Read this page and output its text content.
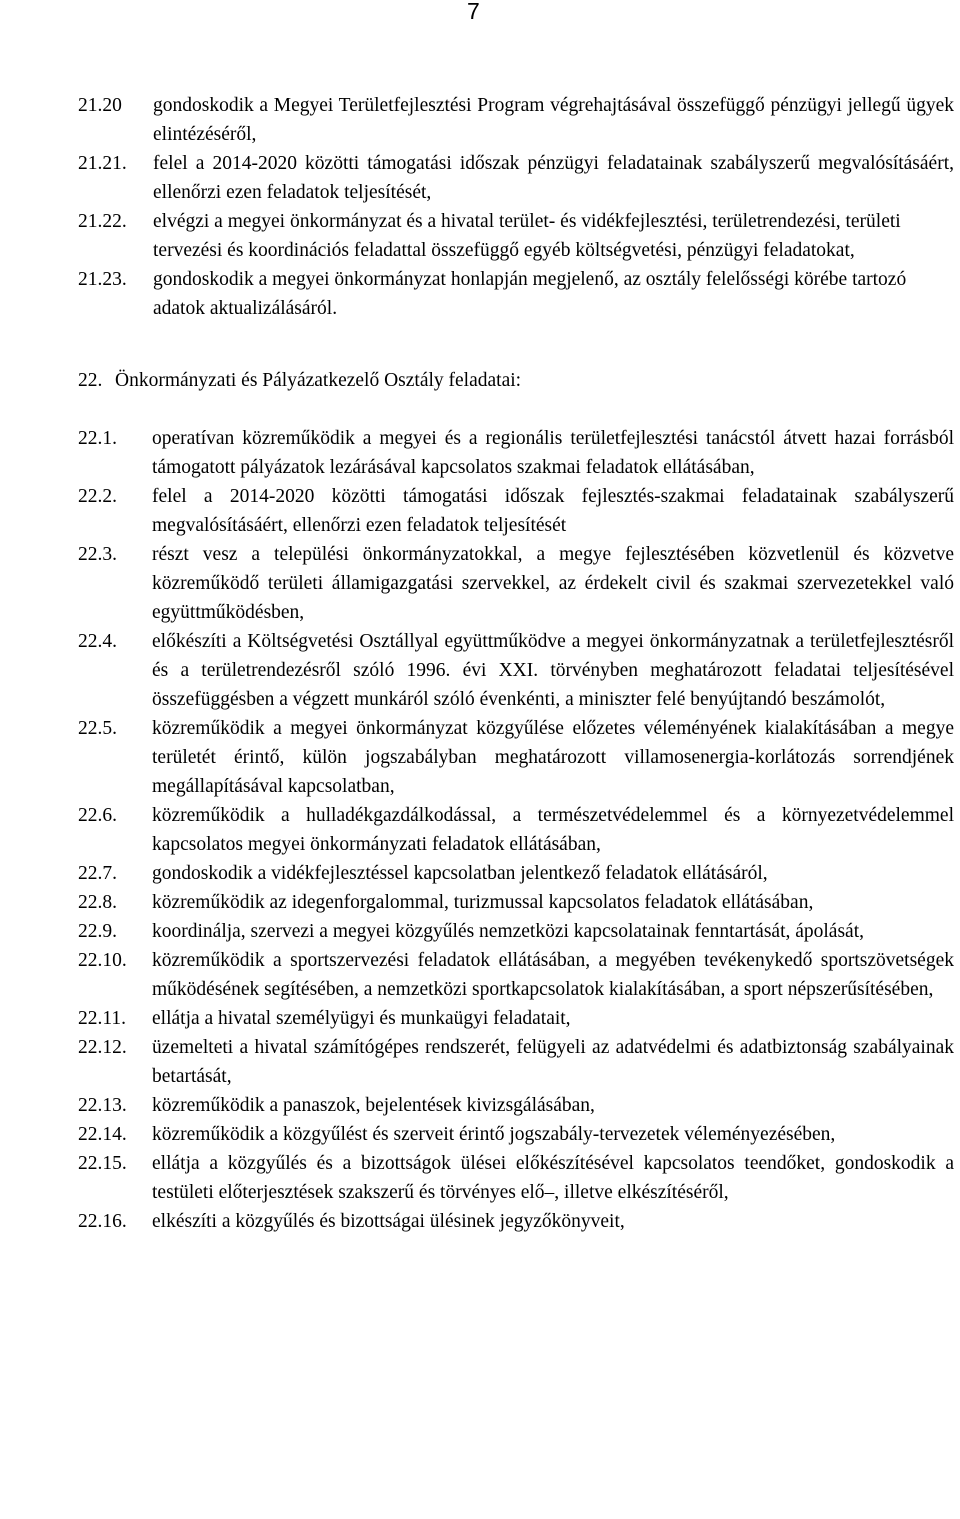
7
21.20	gondoskodik a Megyei Területfejlesztési Program végrehajtásával összefüggő pénzügyi jellegű ügyek elintézéséről,
21.21.	felel a 2014-2020 közötti támogatási időszak pénzügyi feladatainak szabályszerű megvalósításáért, ellenőrzi ezen feladatok teljesítését,
21.22.	elvégzi a megyei önkormányzat és a hivatal terület- és vidékfejlesztési, területrendezési, területi tervezési és koordinációs feladattal összefüggő egyéb költségvetési, pénzügyi feladatokat,
21.23.	gondoskodik a megyei önkormányzat honlapján megjelenő, az osztály felelősségi körébe tartozó adatok aktualizálásáról.
22. Önkormányzati és Pályázatkezelő Osztály feladatai:
22.1.	operatívan közreműködik a megyei és a regionális területfejlesztési tanácstól átvett hazai forrásból támogatott pályázatok lezárásával kapcsolatos szakmai feladatok ellátásában,
22.2.	felel a 2014-2020 közötti támogatási időszak fejlesztés-szakmai feladatainak szabályszerű megvalósításáért, ellenőrzi ezen feladatok teljesítését
22.3.	részt vesz a települési önkormányzatokkal, a megye fejlesztésében közvetlenül és közvetve közreműködő területi államigazgatási szervekkel, az érdekelt civil és szakmai szervezetekkel való együttműködésben,
22.4.	előkészíti a Költségvetési Osztállyal együttműködve a megyei önkormányzatnak a területfejlesztésről és a területrendezésről szóló 1996. évi XXI. törvényben meghatározott feladatai teljesítésével összefüggésben a végzett munkáról szóló évenkénti, a miniszter felé benyújtandó beszámolót,
22.5.	közreműködik a megyei önkormányzat közgyűlése előzetes véleményének kialakításában a megye területét érintő, külön jogszabályban meghatározott villamosenergia-korlátozás sorrendjének megállapításával kapcsolatban,
22.6.	közreműködik a hulladékgazdálkodással, a természetvédelemmel és a környezetvédelemmel kapcsolatos megyei önkormányzati feladatok ellátásában,
22.7.	gondoskodik a vidékfejlesztéssel kapcsolatban jelentkező feladatok ellátásáról,
22.8.	közreműködik az idegenforgalommal, turizmussal kapcsolatos feladatok ellátásában,
22.9.	koordinálja, szervezi a megyei közgyűlés nemzetközi kapcsolatainak fenntartását, ápolását,
22.10.	közreműködik a sportszervezési feladatok ellátásában, a megyében tevékenykedő sportszövetségek működésének segítésében, a nemzetközi sportkapcsolatok kialakításában, a sport népszerűsítésében,
22.11.	ellátja a hivatal személyügyi és munkaügyi feladatait,
22.12.	üzemelteti a hivatal számítógépes rendszerét, felügyeli az adatvédelmi és adatbiztonság szabályainak betartását,
22.13.	közreműködik a panaszok, bejelentések kivizsgálásában,
22.14.	közreműködik a közgyűlést és szerveit érintő jogszabály-tervezetek véleményezésében,
22.15.	ellátja a közgyűlés és a bizottságok ülései előkészítésével kapcsolatos teendőket, gondoskodik a testületi előterjesztések szakszerű és törvényes elő–, illetve elkészítéséről,
22.16.	elkészíti a közgyűlés és bizottságai ülésinek jegyzőkönyveit,
